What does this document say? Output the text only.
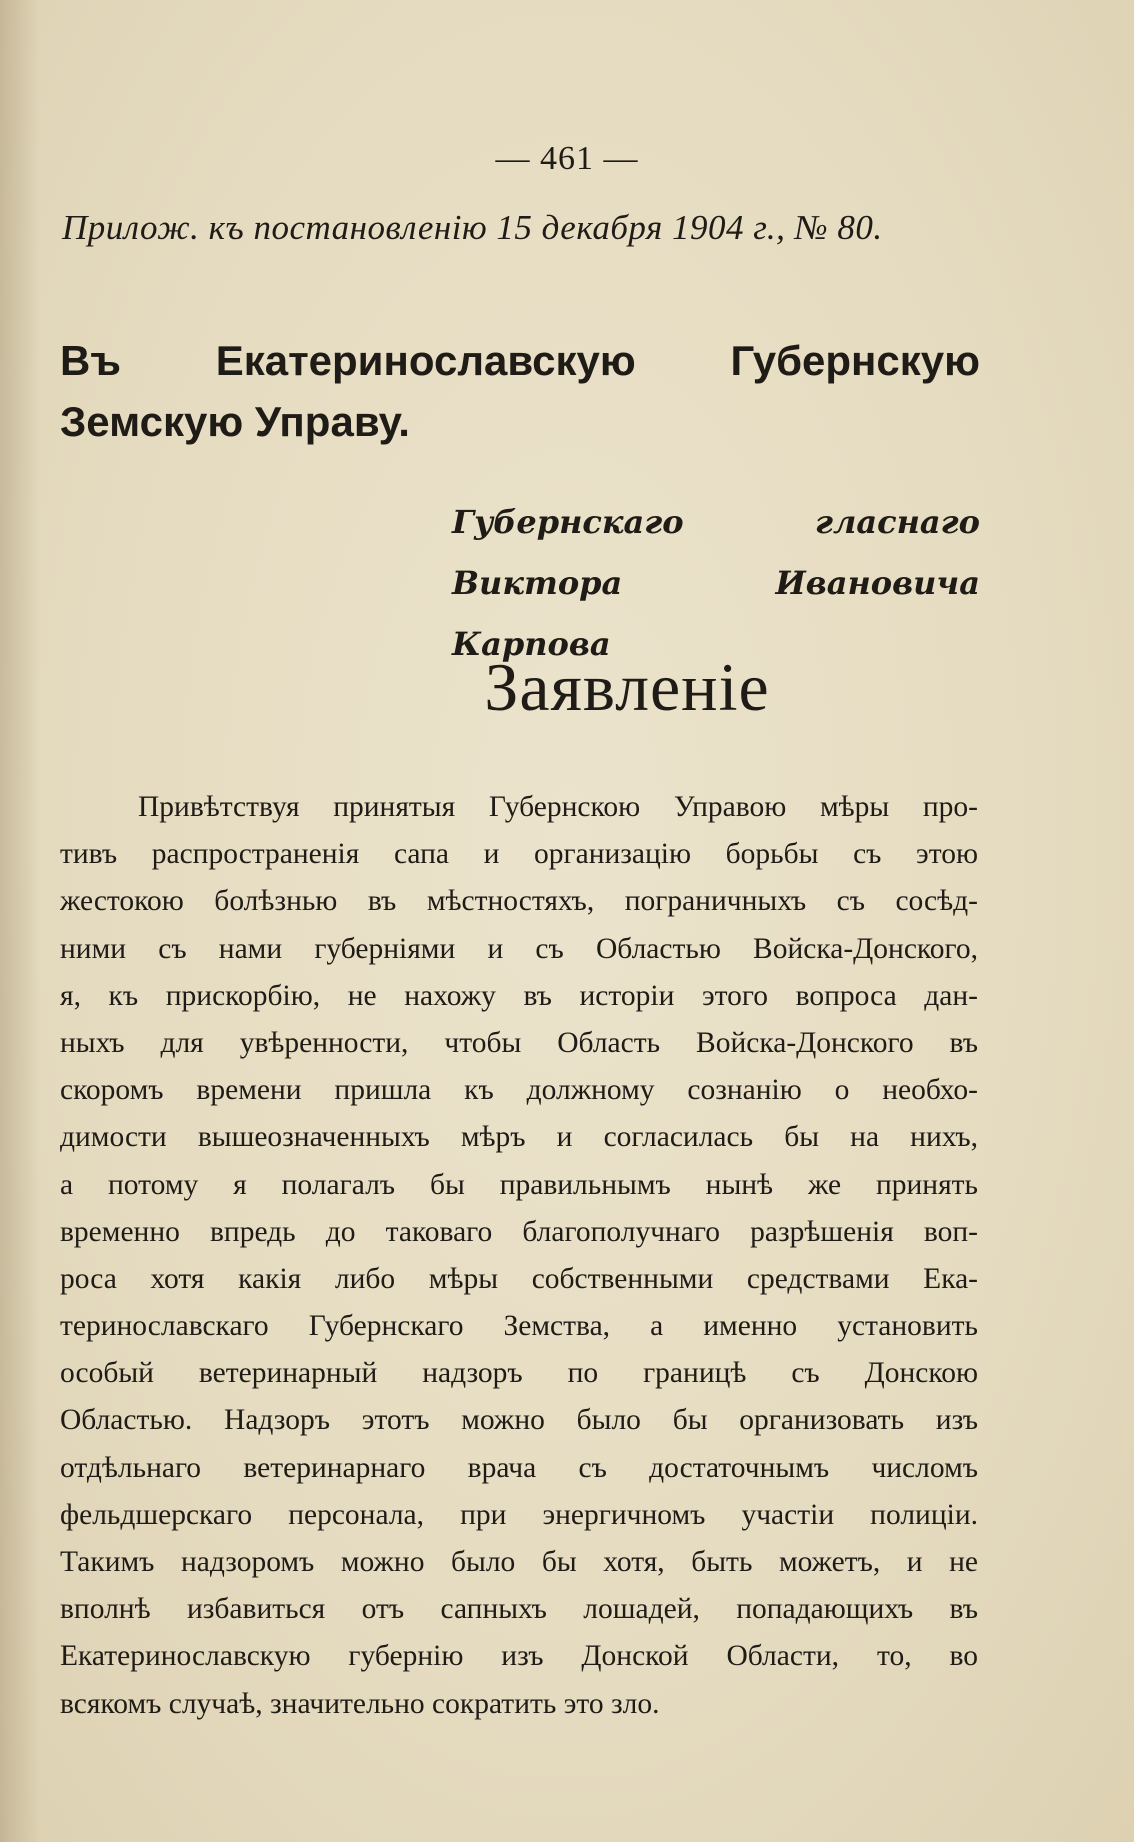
— 461 —
Прилож. къ постановленію 15 декабря 1904 г., № 80.
Въ Екатеринославскую Губернскую Земскую Управу.
Губернскаго гласнаго Виктора Ивановича Карпова
Заявленіе
Привѣтствуя принятыя Губернскою Управою мѣры про-
тивъ распространенія сапа и организацію борьбы съ этою
жестокою болѣзнью въ мѣстностяхъ, пограничныхъ съ сосѣд-
ними съ нами губерніями и съ Областью Войска-Донского,
я, къ прискорбію, не нахожу въ исторіи этого вопроса дан-
ныхъ для увѣренности, чтобы Область Войска-Донского въ
скоромъ времени пришла къ должному сознанію о необхо-
димости вышеозначенныхъ мѣръ и согласилась бы на нихъ,
а потому я полагалъ бы правильнымъ нынѣ же принять
временно впредь до таковаго благополучнаго разрѣшенія воп-
роса хотя какія либо мѣры собственными средствами Ека-
теринославскаго Губернскаго Земства, а именно установить
особый ветеринарный надзоръ по границѣ съ Донскою
Областью. Надзоръ этотъ можно было бы организовать изъ
отдѣльнаго ветеринарнаго врача съ достаточнымъ числомъ
фельдшерскаго персонала, при энергичномъ участіи полиціи.
Такимъ надзоромъ можно было бы хотя, быть можетъ, и не
вполнѣ избавиться отъ сапныхъ лошадей, попадающихъ въ
Екатеринославскую губернію изъ Донской Области, то, во
всякомъ случаѣ, значительно сократить это зло.
